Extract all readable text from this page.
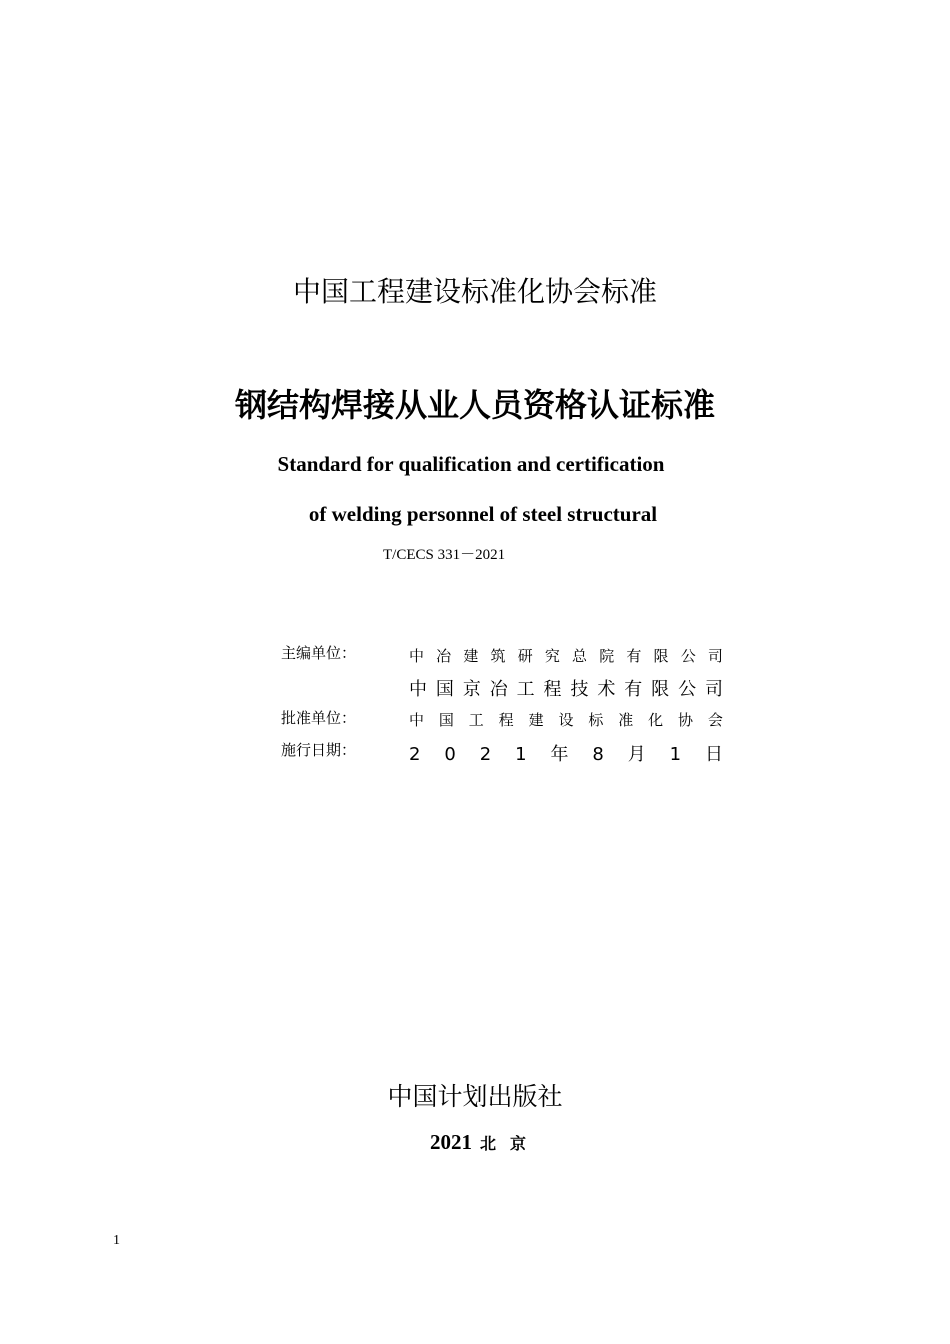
中国工程建设标准化协会标准
钢结构焊接从业人员资格认证标准
Standard for qualification and certification
of welding personnel of steel structural
T/CECS 331－2021
主编单位：	中 冶 建 筑 研 究 总 院 有 限 公 司
中 国 京 冶 工 程 技 术 有 限 公 司
批准单位：	中 国 工 程 建 设 标 准 化 协 会
施行日期：	2 0 2 1 年 8 月 1 日
中国计划出版社
2021 北京
1
